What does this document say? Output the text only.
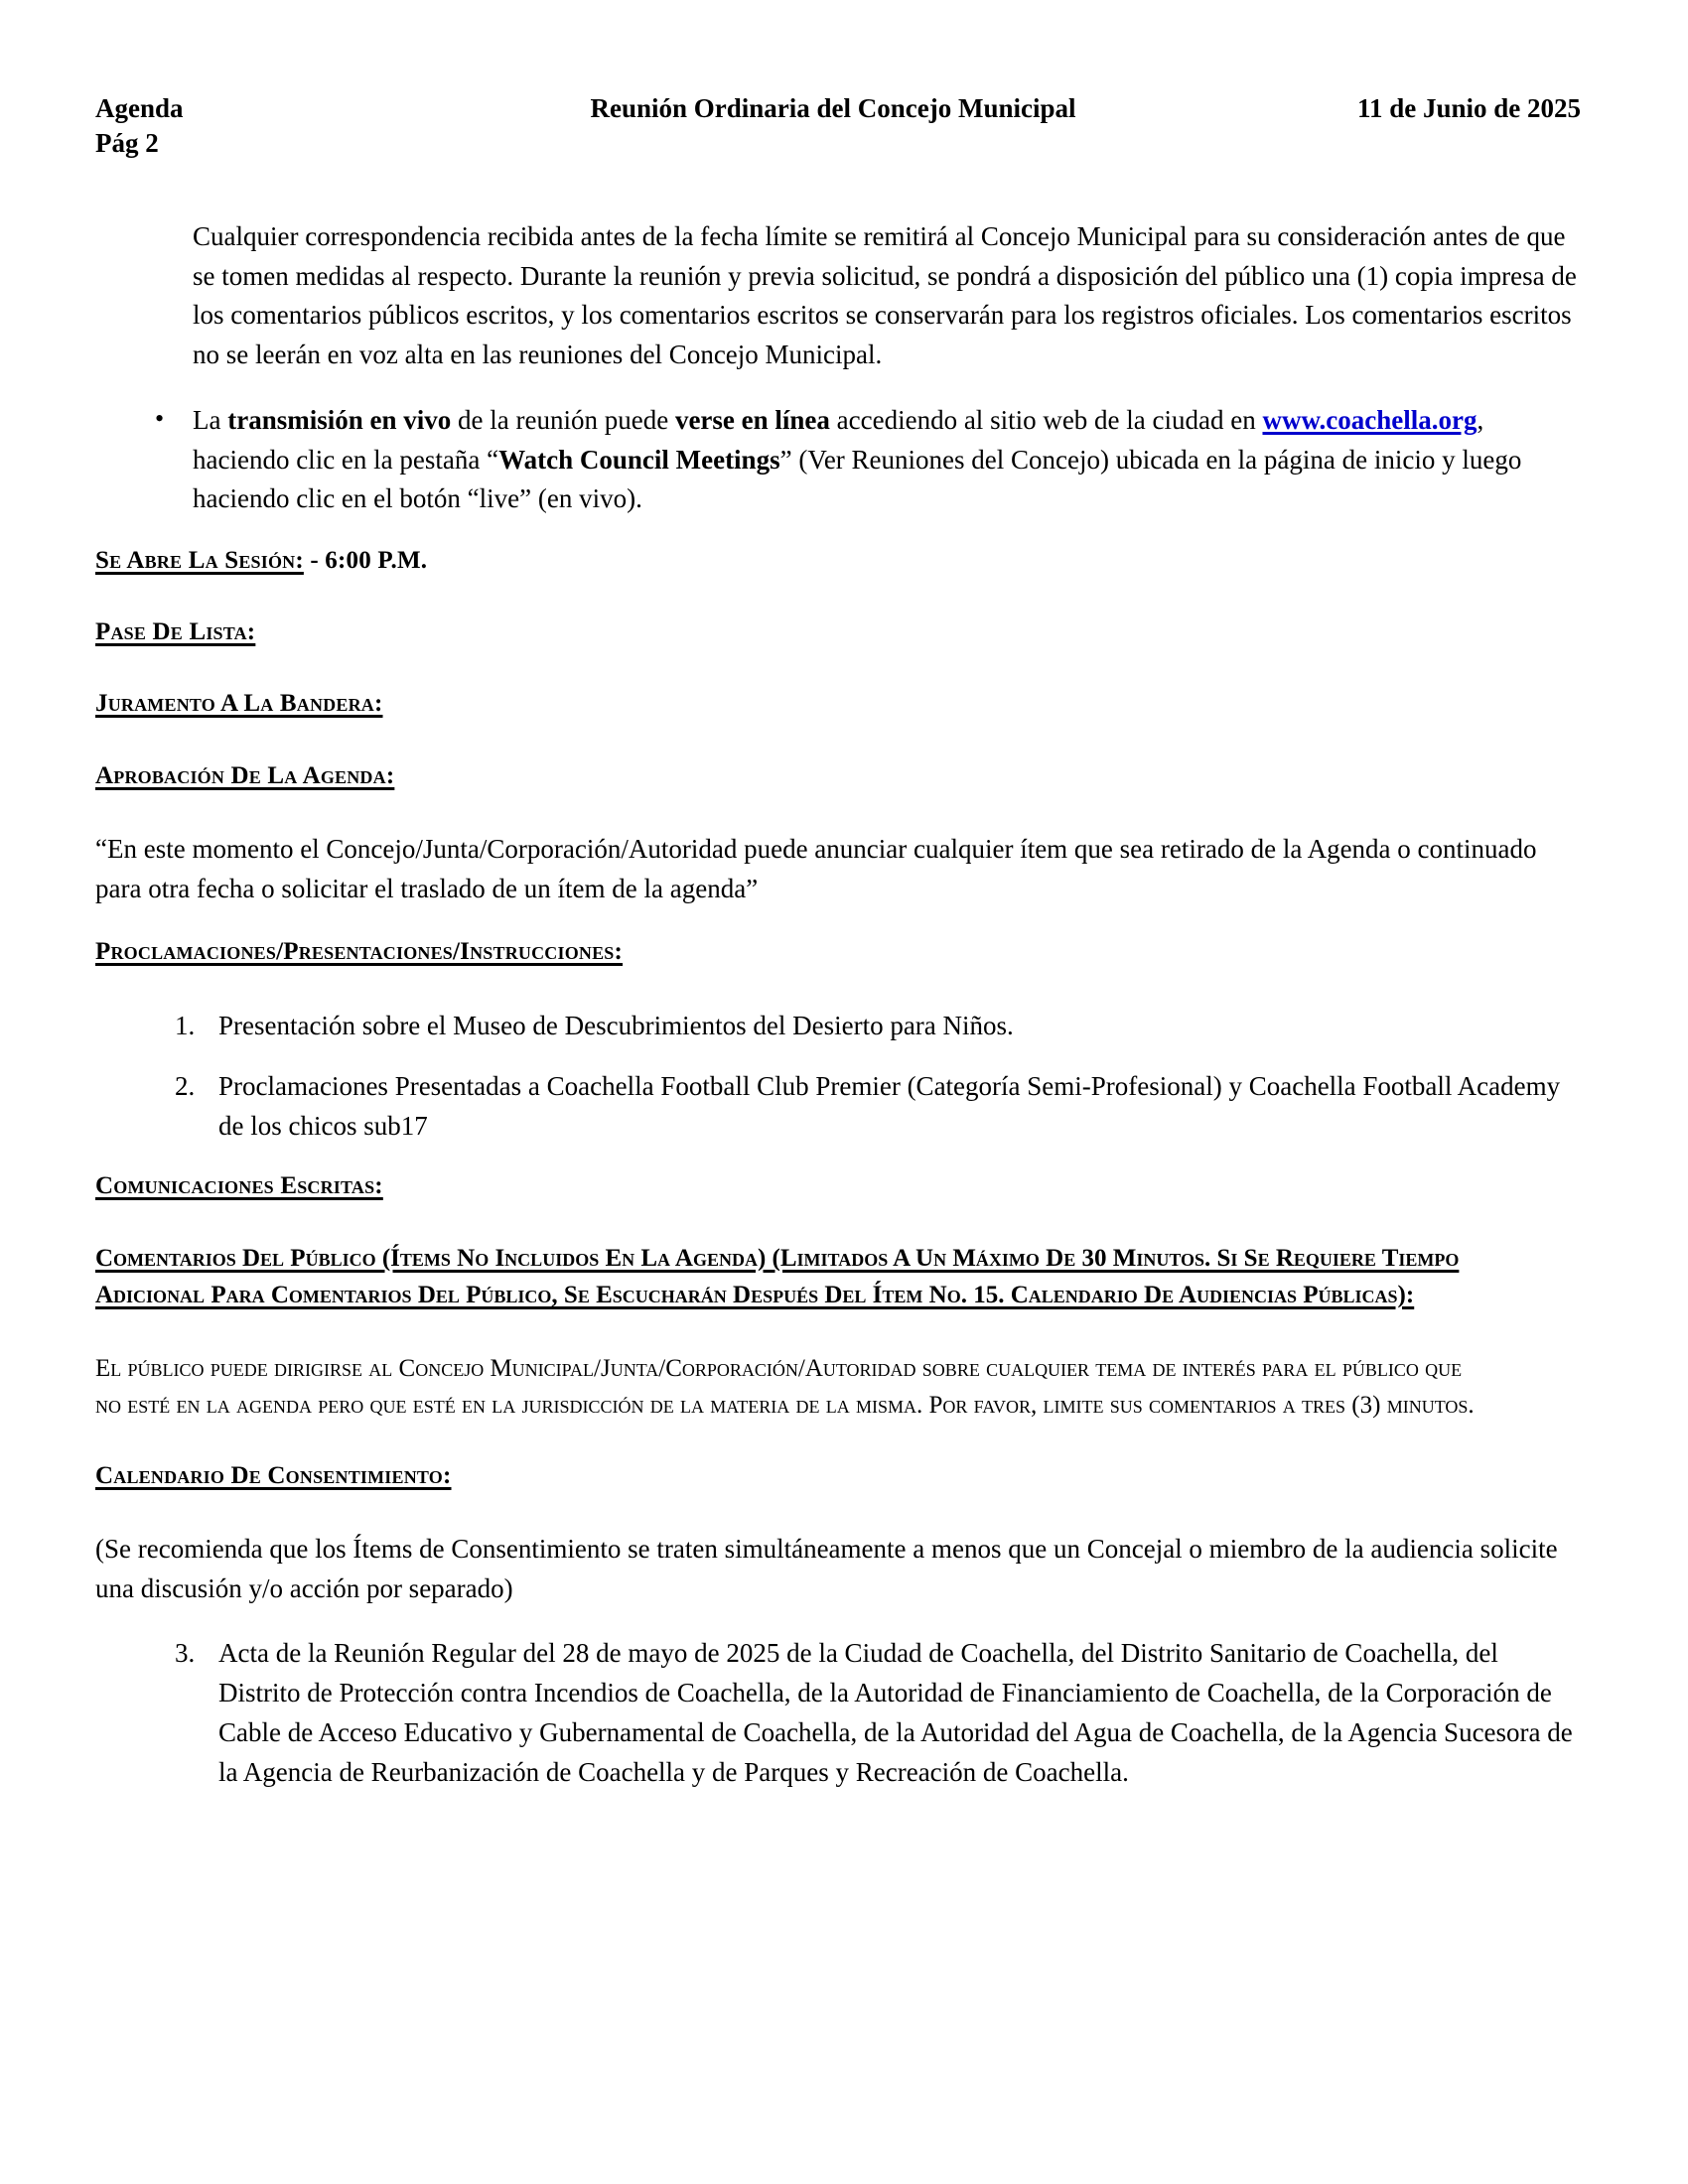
Agenda
Pág 2
Reunión Ordinaria del Concejo Municipal	11 de Junio de 2025

Cualquier correspondencia recibida antes de la fecha límite se remitirá al Concejo Municipal para su consideración antes de que se tomen medidas al respecto. Durante la reunión y previa solicitud, se pondrá a disposición del público una (1) copia impresa de los comentarios públicos escritos, y los comentarios escritos se conservarán para los registros oficiales. Los comentarios escritos no se leerán en voz alta en las reuniones del Concejo Municipal.

• La transmisión en vivo de la reunión puede verse en línea accediendo al sitio web de la ciudad en www.coachella.org, haciendo clic en la pestaña “Watch Council Meetings” (Ver Reuniones del Concejo) ubicada en la página de inicio y luego haciendo clic en el botón “live” (en vivo).
Se Abre La Sesión: - 6:00 P.M.
Pase De Lista:
Juramento A La Bandera:
Aprobación De La Agenda:

“En este momento el Concejo/Junta/Corporación/Autoridad puede anunciar cualquier ítem que sea retirado de la Agenda o continuado para otra fecha o solicitar el traslado de un ítem de la agenda”

Proclamaciones/Presentaciones/Instrucciones:
1. Presentación sobre el Museo de Descubrimientos del Desierto para Niños.
2. Proclamaciones Presentadas a Coachella Football Club Premier (Categoría Semi-Profesional) y Coachella Football Academy de los chicos sub17
Comunicaciones Escritas:
Comentarios Del Público (Ítems No Incluidos En La Agenda) (Limitados A Un Máximo De 30 Minutos. Si Se Requiere Tiempo Adicional Para Comentarios Del Público, Se Escucharán Después Del Ítem No. 15. Calendario De Audiencias Públicas):
El público puede dirigirse al Concejo Municipal/Junta/Corporación/Autoridad sobre cualquier tema de interés para el público que no esté en la agenda pero que esté en la jurisdicción de la materia de la misma. Por favor, limite sus comentarios a tres (3) minutos.
Calendario De Consentimiento:

(Se recomienda que los Ítems de Consentimiento se traten simultáneamente a menos que un Concejal o miembro de la audiencia solicite una discusión y/o acción por separado)

3. Acta de la Reunión Regular del 28 de mayo de 2025 de la Ciudad de Coachella, del Distrito Sanitario de Coachella, del Distrito de Protección contra Incendios de Coachella, de la Autoridad de Financiamiento de Coachella, de la Corporación de Cable de Acceso Educativo y Gubernamental de Coachella, de la Autoridad del Agua de Coachella, de la Agencia Sucesora de la Agencia de Reurbanización de Coachella y de Parques y Recreación de Coachella.
